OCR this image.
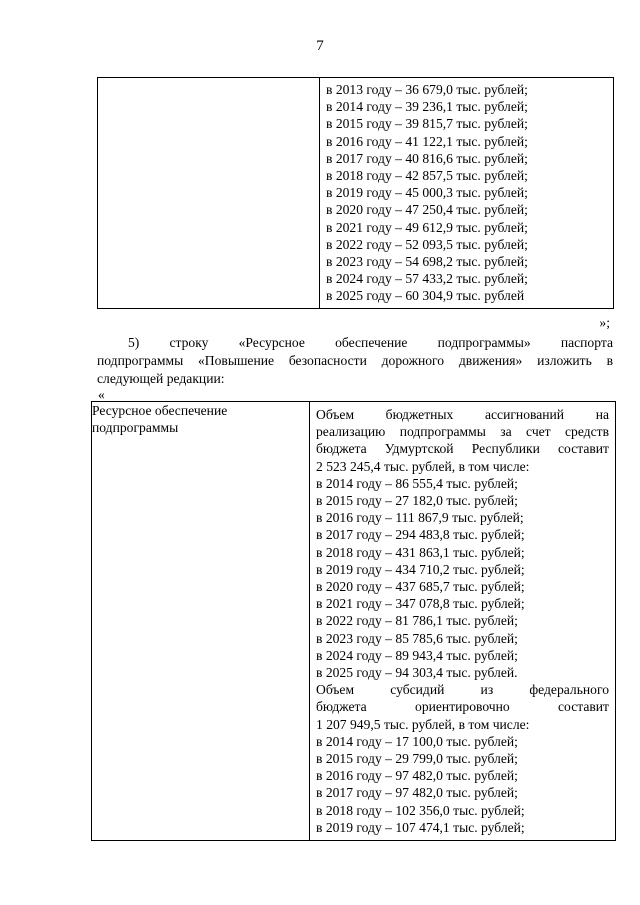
7

в 2013 году – 36 679,0 тыс. рублей;
в 2014 году – 39 236,1 тыс. рублей;
в 2015 году – 39 815,7 тыс. рублей;
в 2016 году – 41 122,1 тыс. рублей;
в 2017 году – 40 816,6 тыс. рублей;
в 2018 году – 42 857,5 тыс. рублей;
в 2019 году – 45 000,3 тыс. рублей;
в 2020 году – 47 250,4 тыс. рублей;
в 2021 году – 49 612,9 тыс. рублей;
в 2022 году – 52 093,5 тыс. рублей;
в 2023 году – 54 698,2 тыс. рублей;
в 2024 году – 57 433,2 тыс. рублей;
в 2025 году – 60 304,9 тыс. рублей
»;
5) строку «Ресурсное обеспечение подпрограммы» паспорта
подпрограммы «Повышение безопасности дорожного движения» изложить в
следующей редакции:
«
Ресурсное обеспечение подпрограммы

Объем бюджетных ассигнований на
реализацию подпрограммы за счет средств
бюджета Удмуртской Республики составит
2 523 245,4 тыс. рублей, в том числе:
в 2014 году – 86 555,4 тыс. рублей;
в 2015 году – 27 182,0 тыс. рублей;
в 2016 году – 111 867,9 тыс. рублей;
в 2017 году – 294 483,8 тыс. рублей;
в 2018 году – 431 863,1 тыс. рублей;
в 2019 году – 434 710,2 тыс. рублей;
в 2020 году – 437 685,7 тыс. рублей;
в 2021 году – 347 078,8 тыс. рублей;
в 2022 году – 81 786,1 тыс. рублей;
в 2023 году – 85 785,6 тыс. рублей;
в 2024 году – 89 943,4 тыс. рублей;
в 2025 году – 94 303,4 тыс. рублей.
Объем субсидий из федерального
бюджета ориентировочно составит
1 207 949,5 тыс. рублей, в том числе:
в 2014 году – 17 100,0 тыс. рублей;
в 2015 году – 29 799,0 тыс. рублей;
в 2016 году – 97 482,0 тыс. рублей;
в 2017 году – 97 482,0 тыс. рублей;
в 2018 году – 102 356,0 тыс. рублей;
в 2019 году – 107 474,1 тыс. рублей;
